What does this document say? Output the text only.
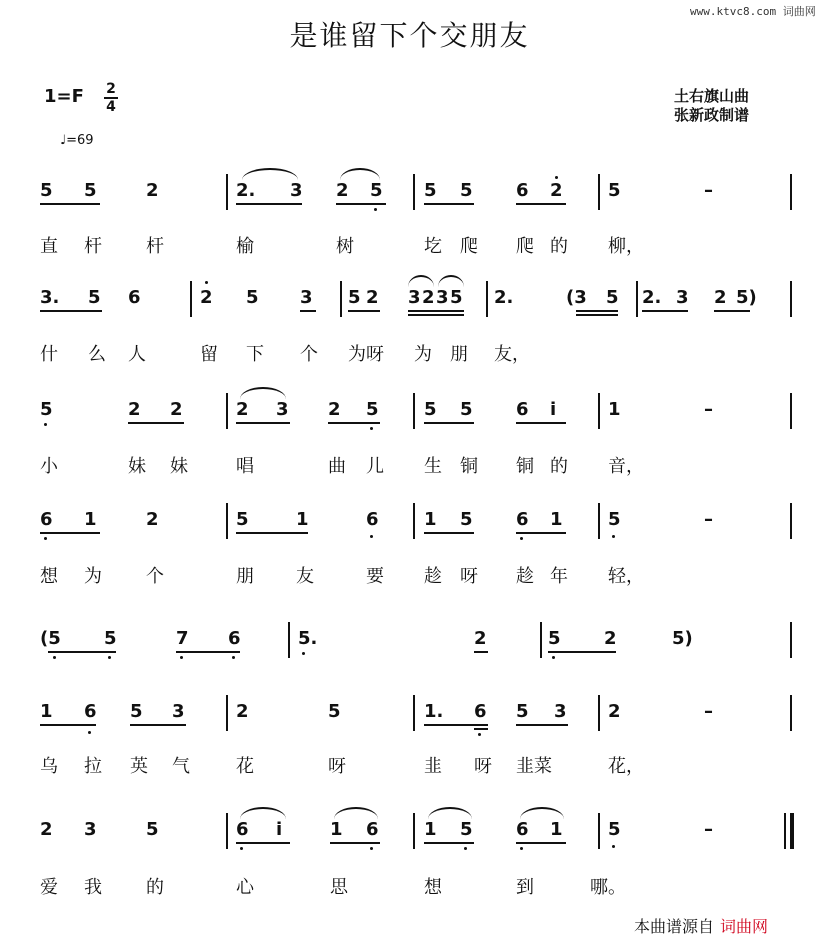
www.ktvc8.com 词曲网
是谁留下个交朋友
1=F 2
4
♩=69
土右旗山曲
张新政制谱
5 5	2	2. 3 2 5 5 5 6 2	5	–
直 杆 杆	榆	树	圪 爬 爬 的 柳，
3. 5 6	2 5 3 5 2 3 2 3 5 2.	(3 5 2. 3 2 5)
什 么 人	留 下 个 为呀 为 朋 友，
5	2 2	2 3 2 5	5 5 6 i	1	–
小	妹 妹	唱	曲 儿 生 铜 铜 的 音，
6 1	2	5	1	6	1 5 6 1	5	–
想 为 个	朋 友	要 趁 呀 趁 年 轻，
(5 5	7 6	5.	2	5 2	5)
1 6 5 3	2	5	1. 6 5 3 2	–
乌 拉 英 气	花	呀	韭 呀 韭菜	花，
2 3	5	6 i	1 6	1 5 6 1	5	–
爱 我 的	心	思	想	到	哪。
本曲谱源自 词曲网
